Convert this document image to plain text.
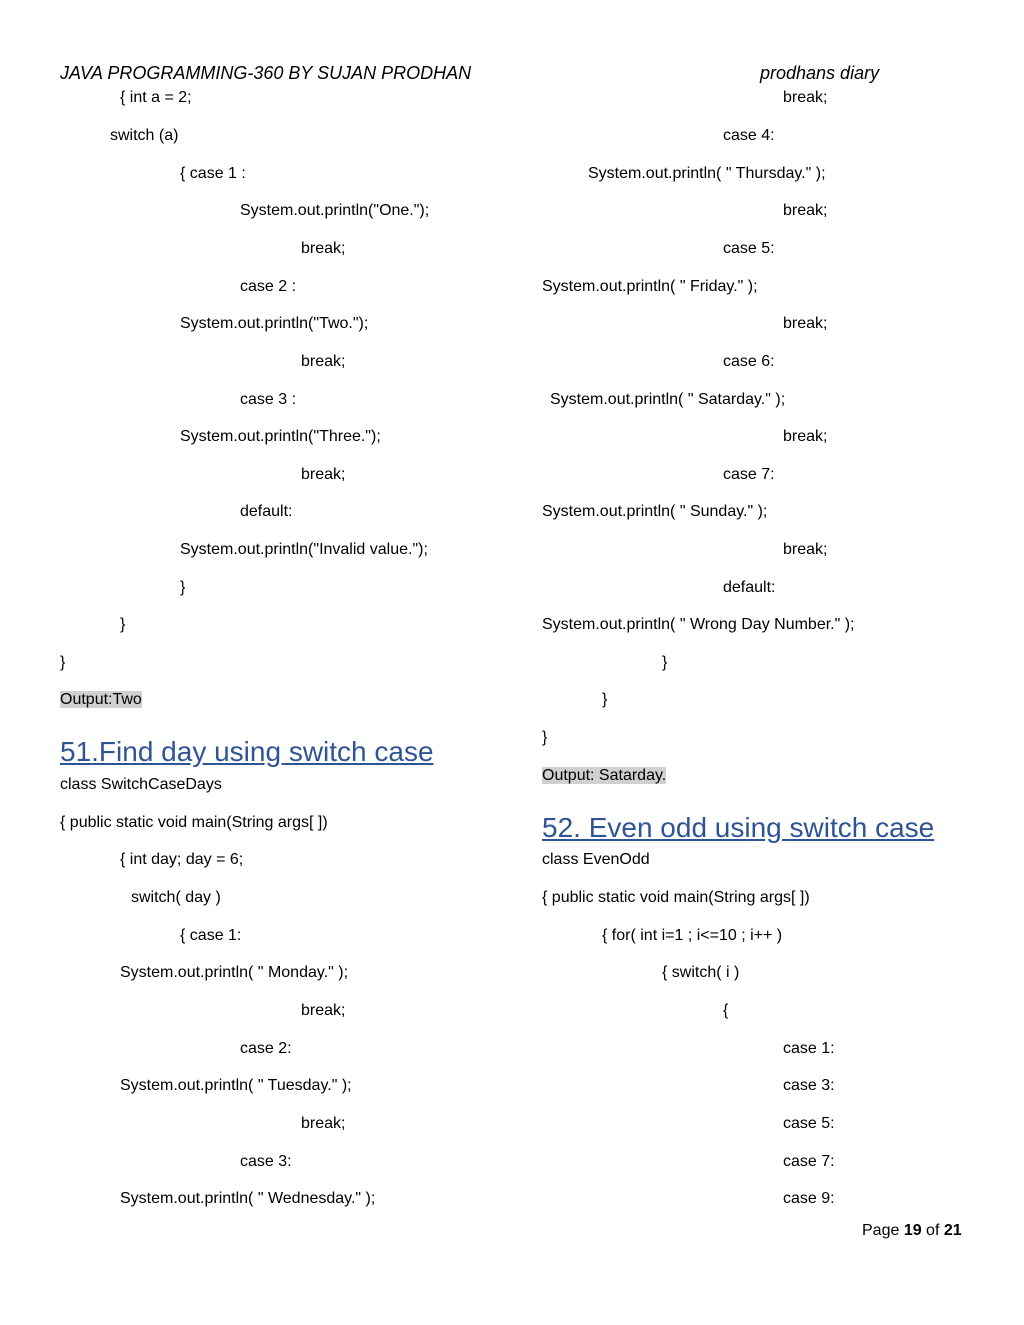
JAVA PROGRAMMING-360 BY SUJAN PRODHAN	prodhans diary
{ int a = 2;
switch (a)
{ case 1 :
System.out.println("One.");
break;
case 2 :
System.out.println("Two.");
break;
case 3 :
System.out.println("Three.");
break;
default:
System.out.println("Invalid value.");
}
}
}
Output:Two
51.Find day using switch case
class SwitchCaseDays
{ public static void main(String args[ ])
{ int day; day = 6;
switch( day )
{ case 1:
System.out.println( " Monday." );
break;
case 2:
System.out.println( " Tuesday." );
break;
case 3:
System.out.println( " Wednesday." );
break;
case 4:
System.out.println( " Thursday." );
break;
case 5:
System.out.println( " Friday." );
break;
case 6:
System.out.println( " Satarday." );
break;
case 7:
System.out.println( " Sunday." );
break;
default:
System.out.println( " Wrong Day Number." );
}
}
}
Output: Satarday.
52. Even odd using switch case
class EvenOdd
{ public static void main(String args[ ])
{ for( int i=1 ; i<=10 ; i++ )
{ switch( i )
{
case 1:
case 3:
case 5:
case 7:
case 9:
Page 19 of 21
